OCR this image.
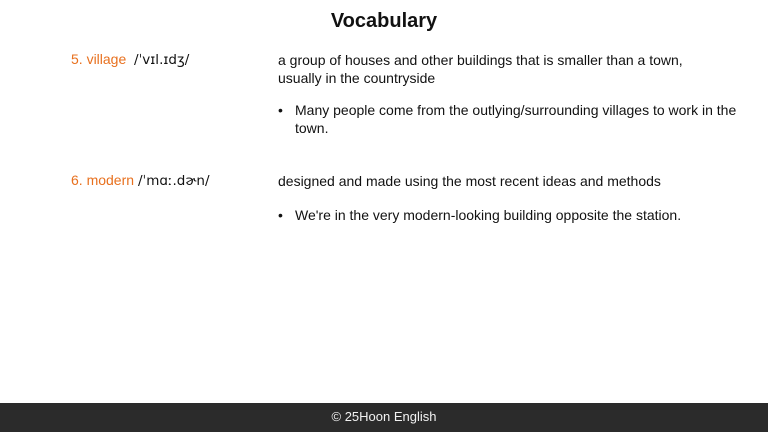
Vocabulary
5. village /ˈvɪl.ɪdʒ/	a group of houses and other buildings that is smaller than a town, usually in the countryside
• Many people come from the outlying/surrounding villages to work in the town.
6. modern /ˈmɑː.dɚn/	designed and made using the most recent ideas and methods
• We're in the very modern-looking building opposite the station.
© 25Hoon English
